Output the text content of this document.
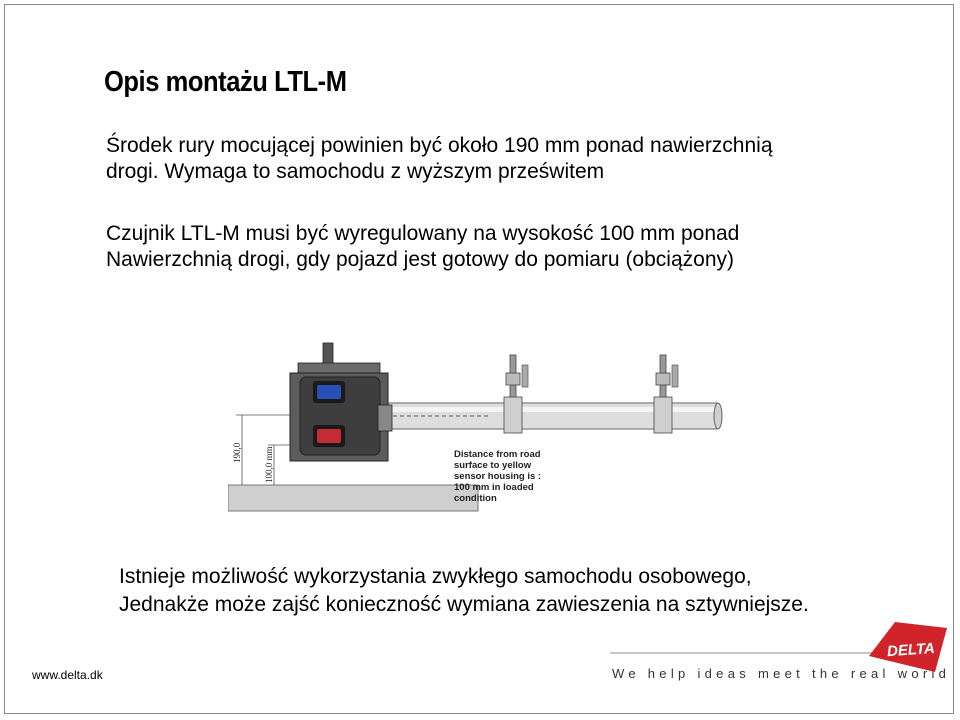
Opis montażu LTL-M
Środek rury mocującej powinien być około 190 mm ponad nawierzchnią
drogi. Wymaga to samochodu z wyższym prześwitem
Czujnik LTL-M musi być wyregulowany na wysokość 100 mm ponad
Nawierzchnią drogi, gdy pojazd jest gotowy do pomiaru (obciążony)
190,0 100,0 mm	Distance from road
surface to yellow
sensor housing is :
100 mm in loaded
condition
Istnieje możliwość wykorzystania zwykłego samochodu osobowego,
Jednakże może zajść konieczność wymiana zawieszenia na sztywniejsze.
www.delta.dk	We help ideas meet the real world
DELTA
